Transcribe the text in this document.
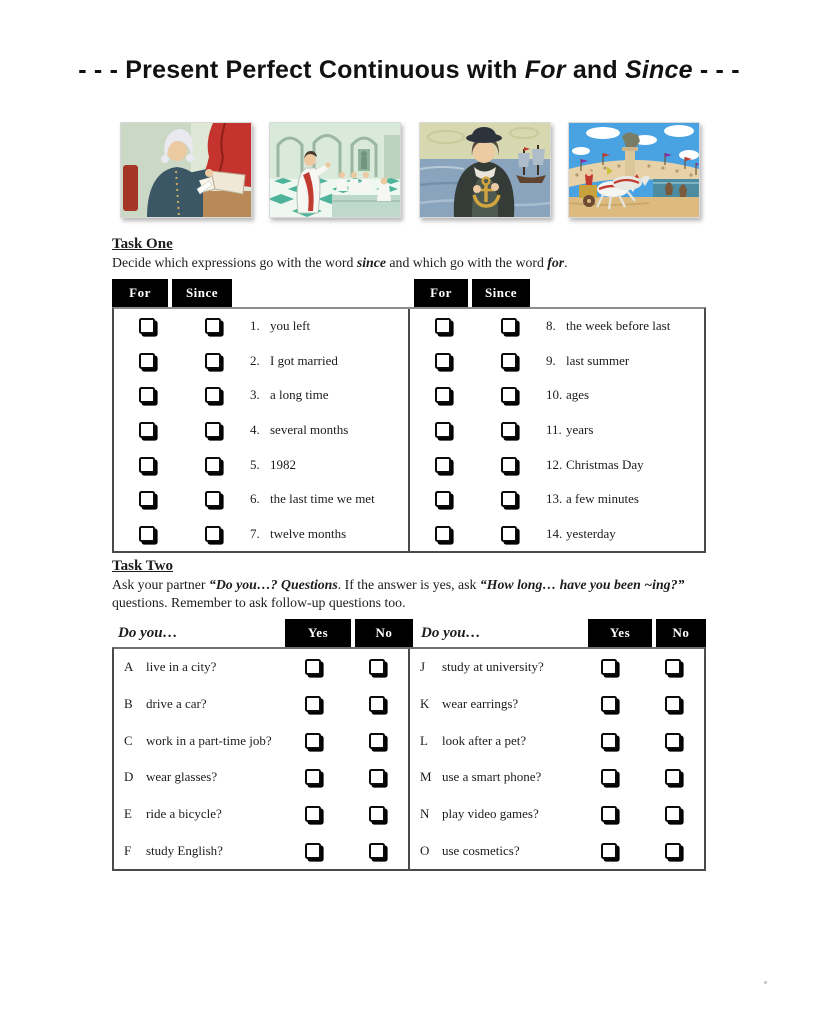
- - - Present Perfect Continuous with For and Since - - -
Task One
Decide which expressions go with the word since and which go with the word for.
For	Since	For	Since
1. you left
2. I got married
3. a long time
4. several months
5. 1982
6. the last time we met
7. twelve months
8. the week before last
9. last summer
10. ages
11. years
12. Christmas Day
13. a few minutes
14. yesterday
Task Two
Ask your partner “Do you…? Questions. If the answer is yes, ask “How long… have you been ~ing?”
questions. Remember to ask follow-up questions too.
Do you…	Yes	No	Do you…	Yes	No
A live in a city?
B	drive a car?
C	work in a part-time job?
D wear glasses?
E	ride a bicycle?
F	study English?
J	study at university?
K wear earrings?
L	look after a pet?
M use a smart phone?
N play video games?
O use cosmetics?
